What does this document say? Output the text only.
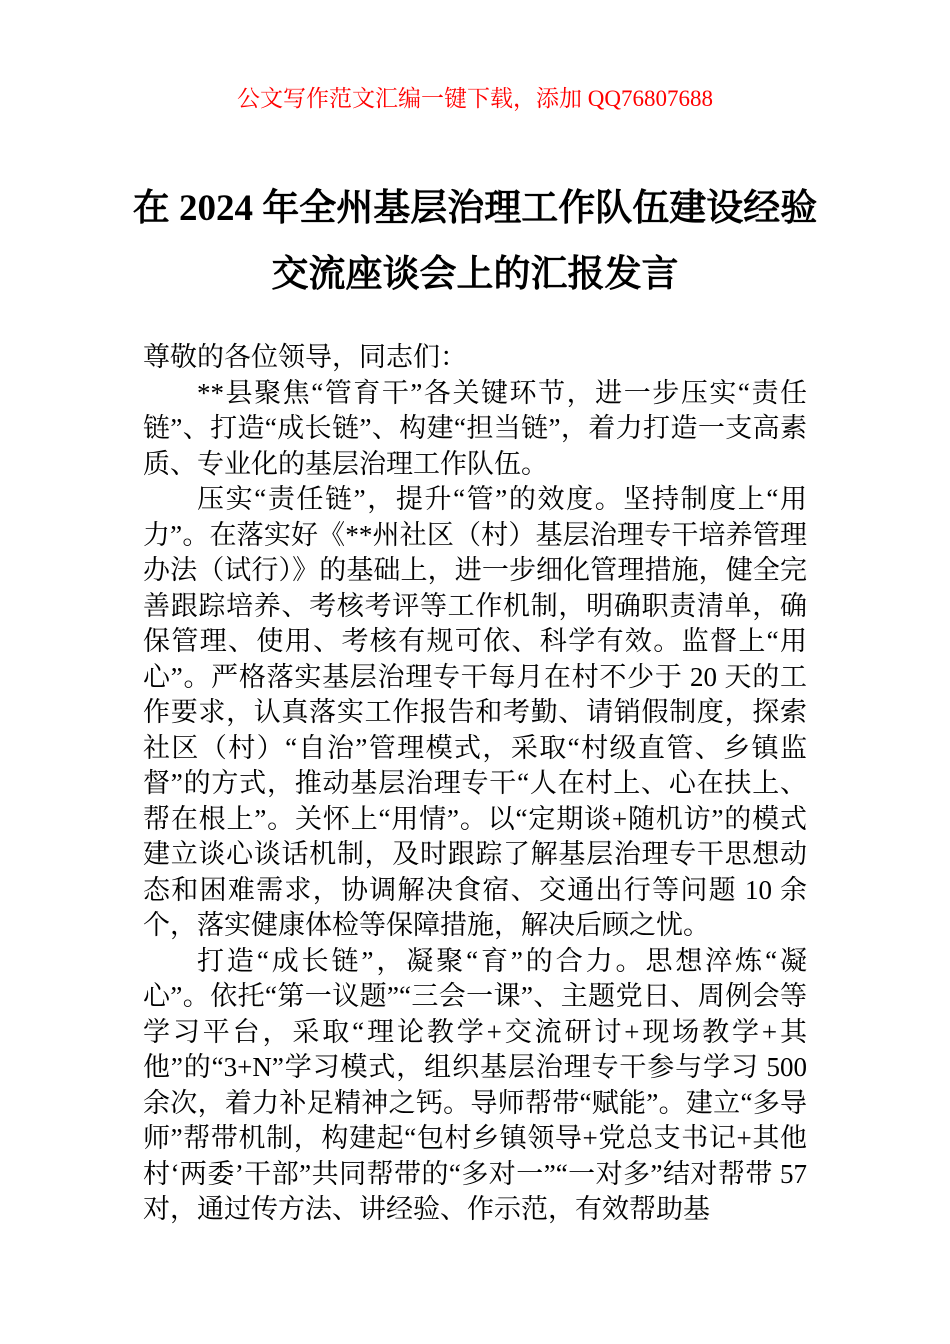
公文写作范文汇编一键下载，添加 QQ76807688
在 2024 年全州基层治理工作队伍建设经验
交流座谈会上的汇报发言

尊敬的各位领导，同志们：

**县聚焦“管育干”各关键环节，进一步压实“责任链”、打造“成长链”、构建“担当链”，着力打造一支高素质、专业化的基层治理工作队伍。

压实“责任链”，提升“管”的效度。坚持制度上“用力”。在落实好《**州社区（村）基层治理专干培养管理办法（试行）》的基础上，进一步细化管理措施，健全完善跟踪培养、考核考评等工作机制，明确职责清单，确保管理、使用、考核有规可依、科学有效。监督上“用心”。严格落实基层治理专干每月在村不少于 20 天的工作要求，认真落实工作报告和考勤、请销假制度，探索社区（村）“自治”管理模式，采取“村级直管、乡镇监督”的方式，推动基层治理专干“人在村上、心在扶上、帮在根上”。关怀上“用情”。以“定期谈+随机访”的模式建立谈心谈话机制，及时跟踪了解基层治理专干思想动态和困难需求，协调解决食宿、交通出行等问题 10 余个，落实健康体检等保障措施，解决后顾之忧。

打造“成长链”，凝聚“育”的合力。思想淬炼“凝心”。依托“第一议题”“三会一课”、主题党日、周例会等学习平台，采取“理论教学+交流研讨+现场教学+其他”的“3+N”学习模式，组织基层治理专干参与学习 500 余次，着力补足精神之钙。导师帮带“赋能”。建立“多导师”帮带机制，构建起“包村乡镇领导+党总支书记+其他村‘两委’干部”共同帮带的“多对一”“一对多”结对帮带 57 对，通过传方法、讲经验、作示范，有效帮助基
